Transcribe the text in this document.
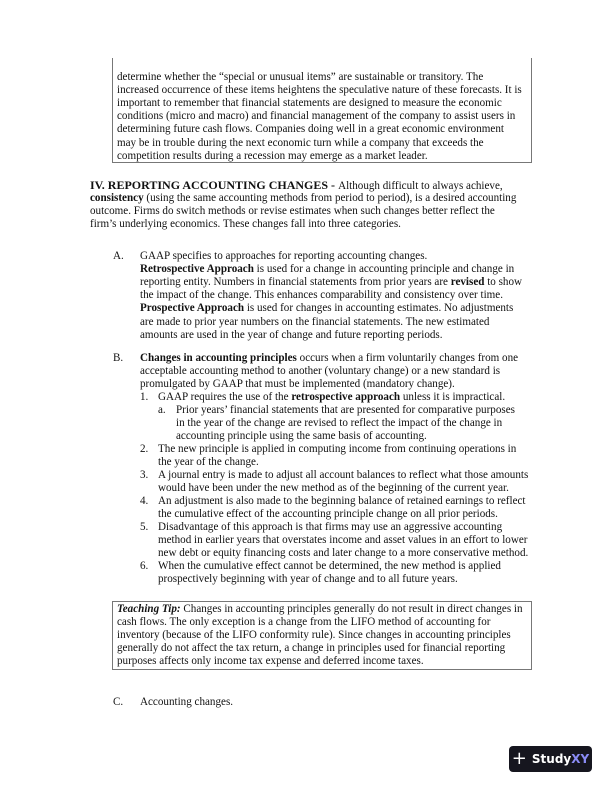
determine whether the “special or unusual items” are sustainable or transitory. The
increased occurrence of these items heightens the speculative nature of these forecasts. It is
important to remember that financial statements are designed to measure the economic
conditions (micro and macro) and financial management of the company to assist users in
determining future cash flows. Companies doing well in a great economic environment
may be in trouble during the next economic turn while a company that exceeds the
competition results during a recession may emerge as a market leader.
IV. REPORTING ACCOUNTING CHANGES - Although difficult to always achieve,
consistency (using the same accounting methods from period to period), is a desired accounting
outcome. Firms do switch methods or revise estimates when such changes better reflect the
firm’s underlying economics. These changes fall into three categories.
A. GAAP specifies to approaches for reporting accounting changes.
Retrospective Approach is used for a change in accounting principle and change in
reporting entity. Numbers in financial statements from prior years are revised to show
the impact of the change. This enhances comparability and consistency over time.
Prospective Approach is used for changes in accounting estimates. No adjustments
are made to prior year numbers on the financial statements. The new estimated
amounts are used in the year of change and future reporting periods.
B. Changes in accounting principles occurs when a firm voluntarily changes from one
acceptable accounting method to another (voluntary change) or a new standard is
promulgated by GAAP that must be implemented (mandatory change).
1. GAAP requires the use of the retrospective approach unless it is impractical.
a. Prior years’ financial statements that are presented for comparative purposes
in the year of the change are revised to reflect the impact of the change in
accounting principle using the same basis of accounting.
2. The new principle is applied in computing income from continuing operations in
the year of the change.
3. A journal entry is made to adjust all account balances to reflect what those amounts
would have been under the new method as of the beginning of the current year.
4. An adjustment is also made to the beginning balance of retained earnings to reflect
the cumulative effect of the accounting principle change on all prior periods.
5. Disadvantage of this approach is that firms may use an aggressive accounting
method in earlier years that overstates income and asset values in an effort to lower
new debt or equity financing costs and later change to a more conservative method.
6. When the cumulative effect cannot be determined, the new method is applied
prospectively beginning with year of change and to all future years.
Teaching Tip: Changes in accounting principles generally do not result in direct changes in
cash flows. The only exception is a change from the LIFO method of accounting for
inventory (because of the LIFO conformity rule). Since changes in accounting principles
generally do not affect the tax return, a change in principles used for financial reporting
purposes affects only income tax expense and deferred income taxes.
C. Accounting changes.
+ StudyXY
